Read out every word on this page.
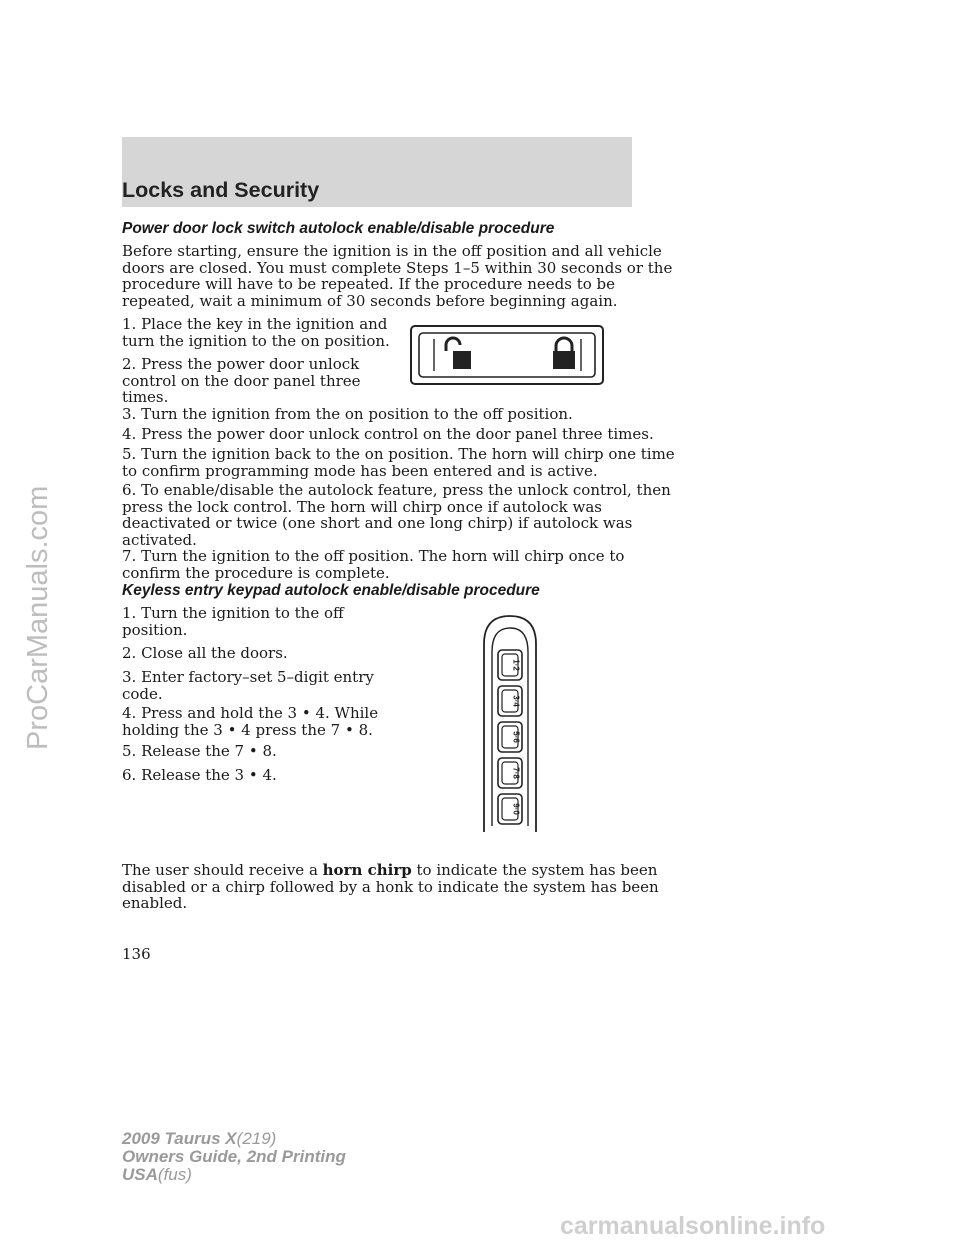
Locks and Security
Power door lock switch autolock enable/disable procedure
Before starting, ensure the ignition is in the off position and all vehicle
doors are closed. You must complete Steps 1–5 within 30 seconds or the
procedure will have to be repeated. If the procedure needs to be
repeated, wait a minimum of 30 seconds before beginning again.
1. Place the key in the ignition and
turn the ignition to the on position.
2. Press the power door unlock
control on the door panel three
times.
3. Turn the ignition from the on position to the off position.
4. Press the power door unlock control on the door panel three times.
5. Turn the ignition back to the on position. The horn will chirp one time
to confirm programming mode has been entered and is active.
6. To enable/disable the autolock feature, press the unlock control, then
press the lock control. The horn will chirp once if autolock was
deactivated or twice (one short and one long chirp) if autolock was
activated.
7. Turn the ignition to the off position. The horn will chirp once to
confirm the procedure is complete.
Keyless entry keypad autolock enable/disable procedure
1. Turn the ignition to the off
position.
2. Close all the doors.
3. Enter factory–set 5–digit entry
code.
4. Press and hold the 3 • 4. While
holding the 3 • 4 press the 7 • 8.
5. Release the 7 • 8.
6. Release the 3 • 4.
1·2
3·4
5·6
7·8
9·0
The user should receive a horn chirp to indicate the system has been
disabled or a chirp followed by a honk to indicate the system has been
enabled.
136
2009 Taurus X(219)
Owners Guide, 2nd Printing
USA(fus)
ProCarManuals.com
carmanualsonline.info
